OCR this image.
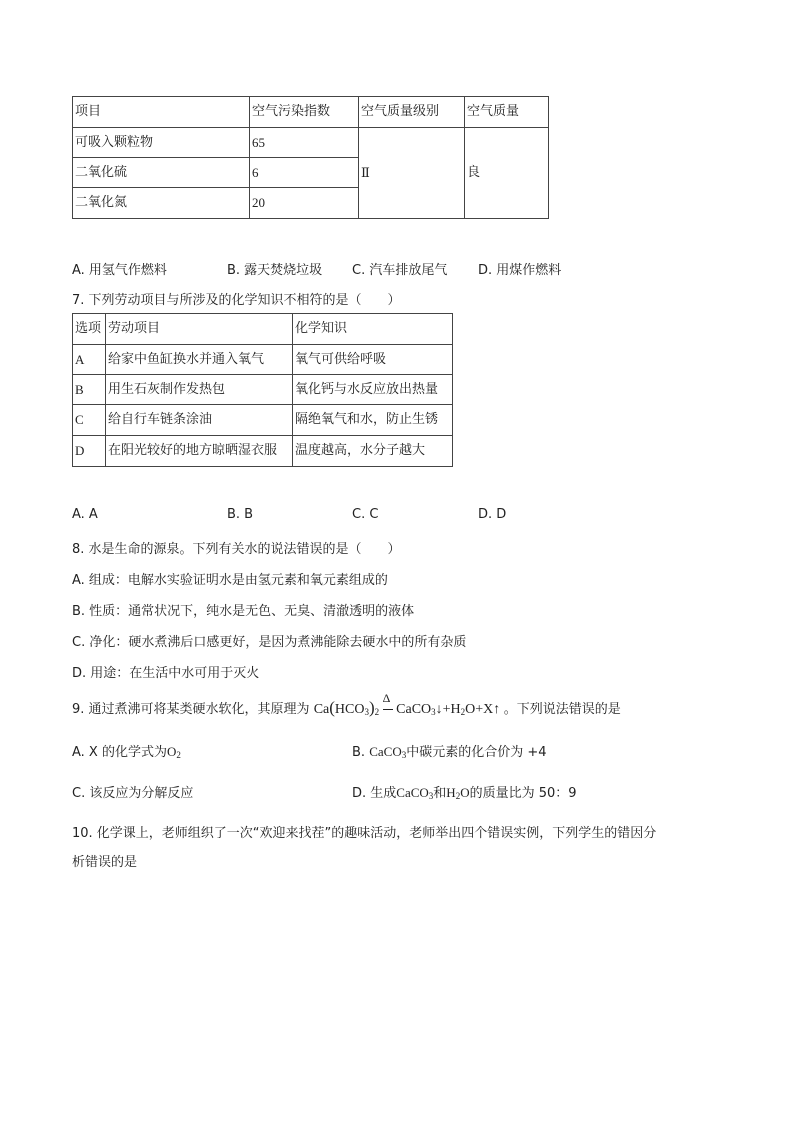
项目	空气污染指数	空气质量级别	空气质量
可吸入颗粒物	65	Ⅱ	良
二氧化硫	6		
二氧化氮	20		
A. 用氢气作燃料	B. 露天焚烧垃圾 C. 汽车排放尾气 D. 用煤作燃料
7. 下列劳动项目与所涉及的化学知识不相符的是（　　）
选项	劳动项目	化学知识
A	给家中鱼缸换水并通入氧气	氧气可供给呼吸
B	用生石灰制作发热包	氧化钙与水反应放出热量
C	给自行车链条涂油	隔绝氧气和水，防止生锈
D	在阳光较好的地方晾晒湿衣服	温度越高，水分子越大
A. A	B. B	C. C	D. D
8. 水是生命的源泉。下列有关水的说法错误的是（　　）
A. 组成：电解水实验证明水是由氢元素和氧元素组成的
B. 性质：通常状况下，纯水是无色、无臭、清澈透明的液体
C. 净化：硬水煮沸后口感更好，是因为煮沸能除去硬水中的所有杂质
D. 用途：在生活中水可用于灭火
9. 通过煮沸可将某类硬水软化，其原理为 $Ca(HCO_3)_2$
Δ
$CaCO_3↓+H_2O+X↑$ 。下列说法错误的是
A. X 的化学式为$O_2$	B. CaCO$_3$中碳元素的化合价为 +4
C. 该反应为分解反应	D. 生成CaCO$_3$和$H_2O$的质量比为 50：9
10. 化学课上，老师组织了一次“欢迎来找茬”的趣味活动，老师举出四个错误实例，下列学生的错因分
析错误的是
